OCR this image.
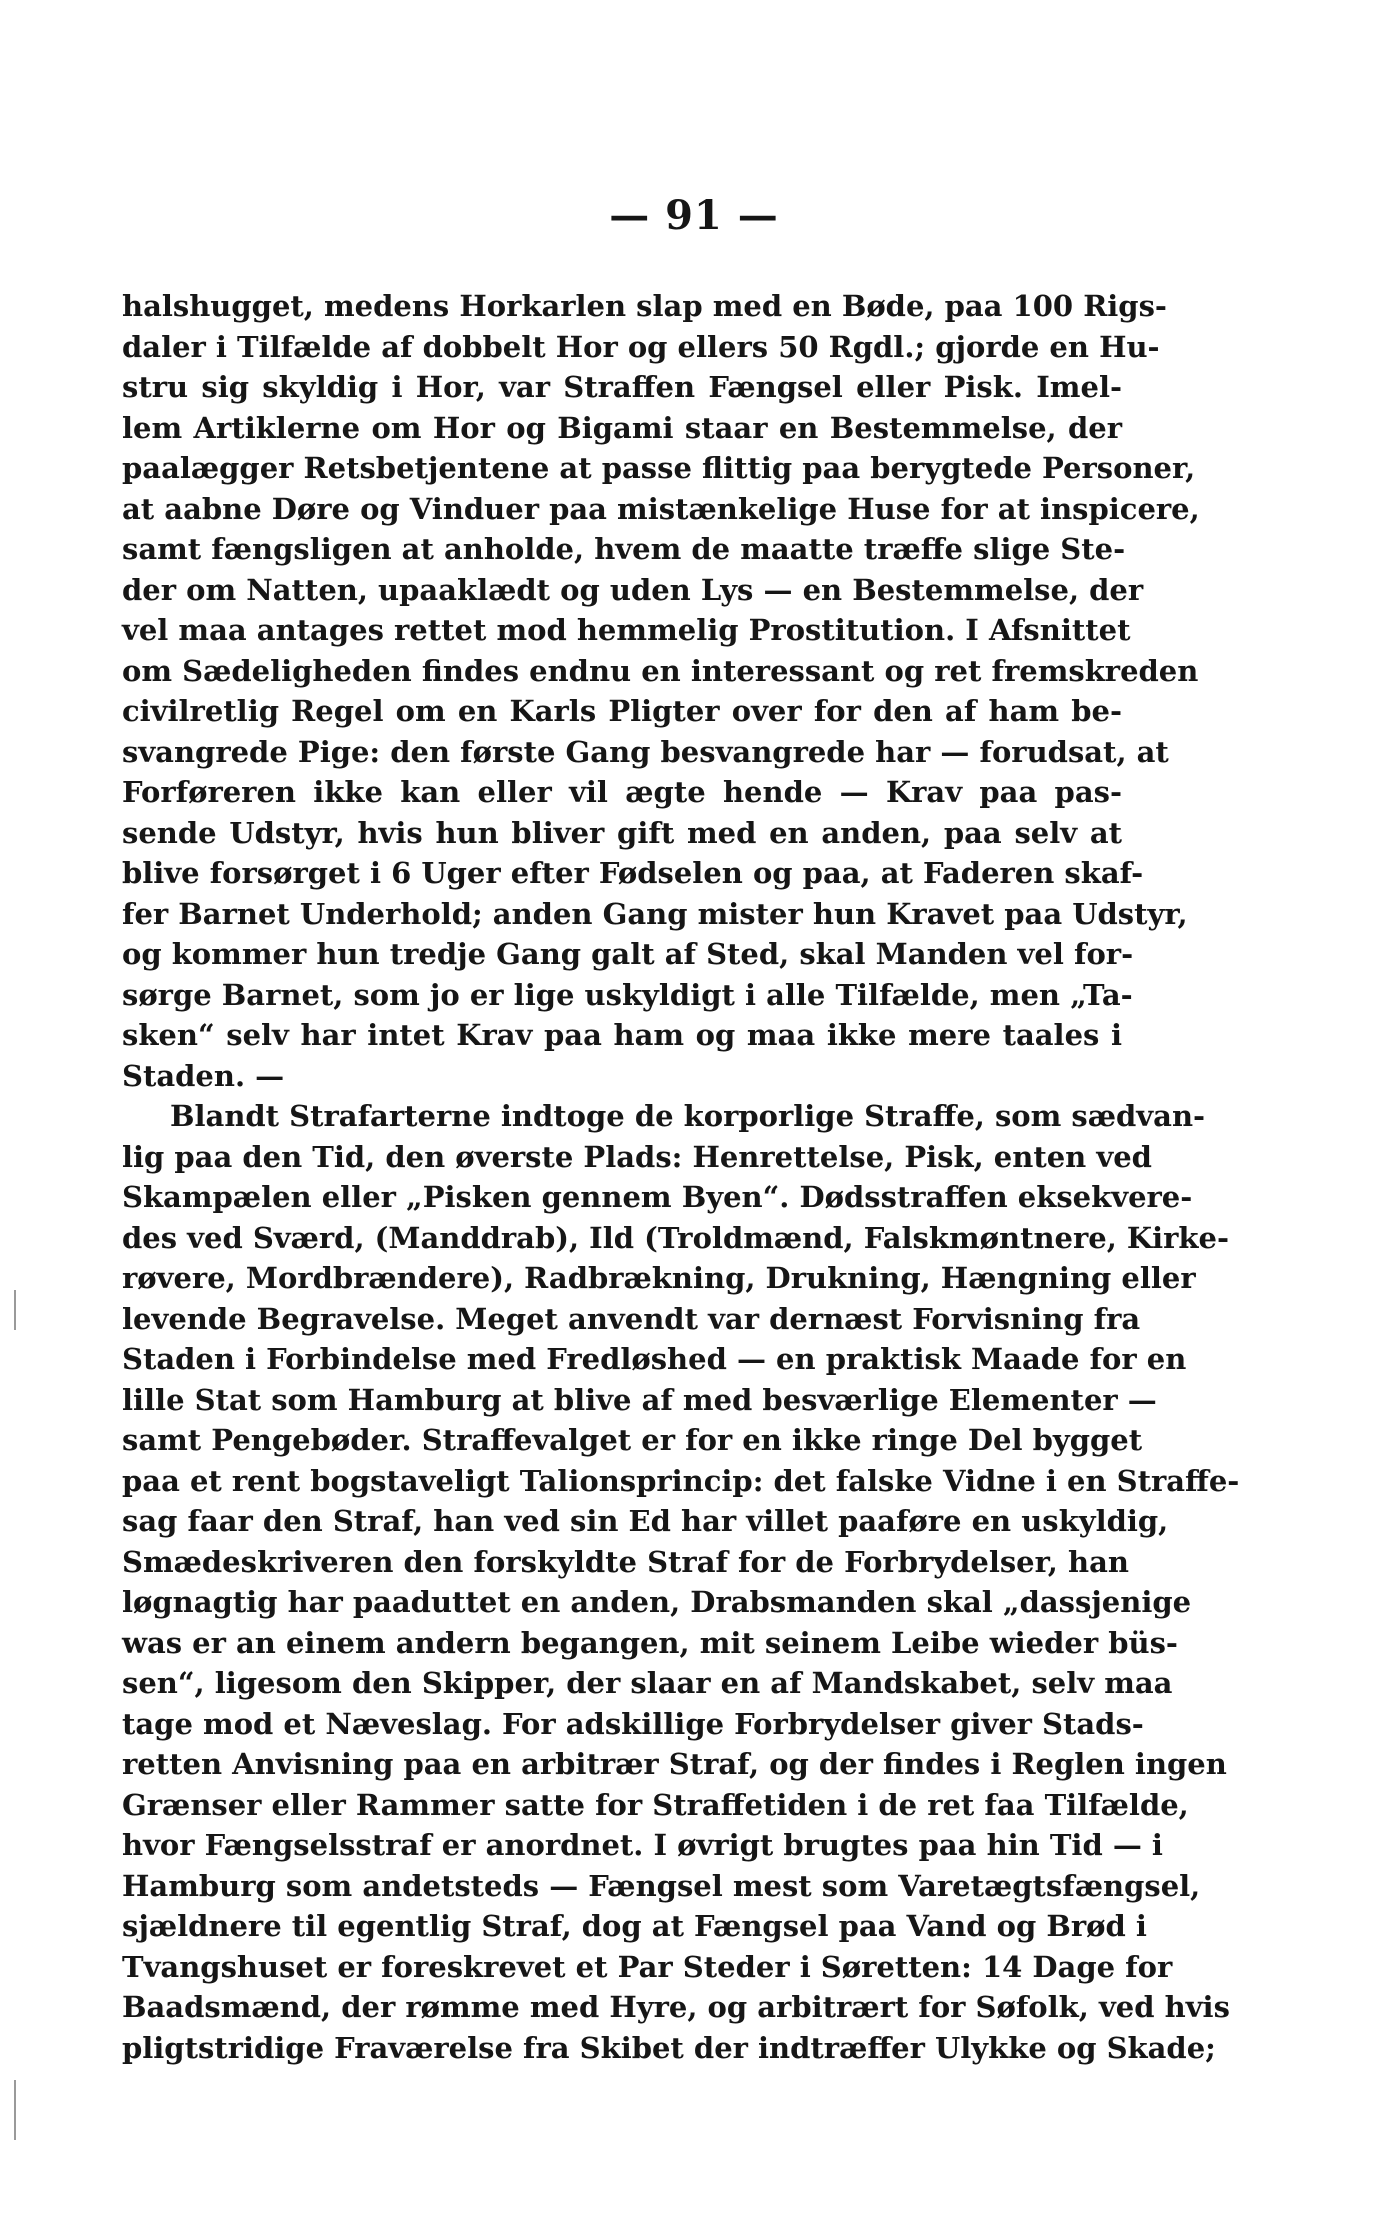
— 91 —
halshugget, medens Horkarlen slap med en Bøde, paa 100 Rigs-
daler i Tilfælde af dobbelt Hor og ellers 50 Rgdl.; gjorde en Hu-
stru sig skyldig i Hor, var Straffen Fængsel eller Pisk. Imel-
lem Artiklerne om Hor og Bigami staar en Bestemmelse, der
paalægger Retsbetjentene at passe flittig paa berygtede Personer,
at aabne Døre og Vinduer paa mistænkelige Huse for at inspicere,
samt fængsligen at anholde, hvem de maatte træffe slige Ste-
der om Natten, upaaklædt og uden Lys — en Bestemmelse, der
vel maa antages rettet mod hemmelig Prostitution. I Afsnittet
om Sædeligheden findes endnu en interessant og ret fremskreden
civilretlig Regel om en Karls Pligter over for den af ham be-
svangrede Pige: den første Gang besvangrede har — forudsat, at
Forføreren ikke kan eller vil ægte hende — Krav paa pas-
sende Udstyr, hvis hun bliver gift med en anden, paa selv at
blive forsørget i 6 Uger efter Fødselen og paa, at Faderen skaf-
fer Barnet Underhold; anden Gang mister hun Kravet paa Udstyr,
og kommer hun tredje Gang galt af Sted, skal Manden vel for-
sørge Barnet, som jo er lige uskyldigt i alle Tilfælde, men „Ta-
sken“ selv har intet Krav paa ham og maa ikke mere taales i
Staden. —
Blandt Strafarterne indtoge de korporlige Straffe, som sædvan-
lig paa den Tid, den øverste Plads: Henrettelse, Pisk, enten ved
Skampælen eller „Pisken gennem Byen“. Dødsstraffen eksekvere-
des ved Sværd, (Manddrab), Ild (Troldmænd, Falskmøntnere, Kirke-
røvere, Mordbrændere), Radbrækning, Drukning, Hængning eller
levende Begravelse. Meget anvendt var dernæst Forvisning fra
Staden i Forbindelse med Fredløshed — en praktisk Maade for en
lille Stat som Hamburg at blive af med besværlige Elementer —
samt Pengebøder. Straffevalget er for en ikke ringe Del bygget
paa et rent bogstaveligt Talionsprincip: det falske Vidne i en Straffe-
sag faar den Straf, han ved sin Ed har villet paaføre en uskyldig,
Smædeskriveren den forskyldte Straf for de Forbrydelser, han
løgnagtig har paaduttet en anden, Drabsmanden skal „dassjenige
was er an einem andern begangen, mit seinem Leibe wieder büs-
sen“, ligesom den Skipper, der slaar en af Mandskabet, selv maa
tage mod et Næveslag. For adskillige Forbrydelser giver Stads-
retten Anvisning paa en arbitrær Straf, og der findes i Reglen ingen
Grænser eller Rammer satte for Straffetiden i de ret faa Tilfælde,
hvor Fængselsstraf er anordnet. I øvrigt brugtes paa hin Tid — i
Hamburg som andetsteds — Fængsel mest som Varetægtsfængsel,
sjældnere til egentlig Straf, dog at Fængsel paa Vand og Brød i
Tvangshuset er foreskrevet et Par Steder i Søretten: 14 Dage for
Baadsmænd, der rømme med Hyre, og arbitrært for Søfolk, ved hvis
pligtstridige Fraværelse fra Skibet der indtræffer Ulykke og Skade;
